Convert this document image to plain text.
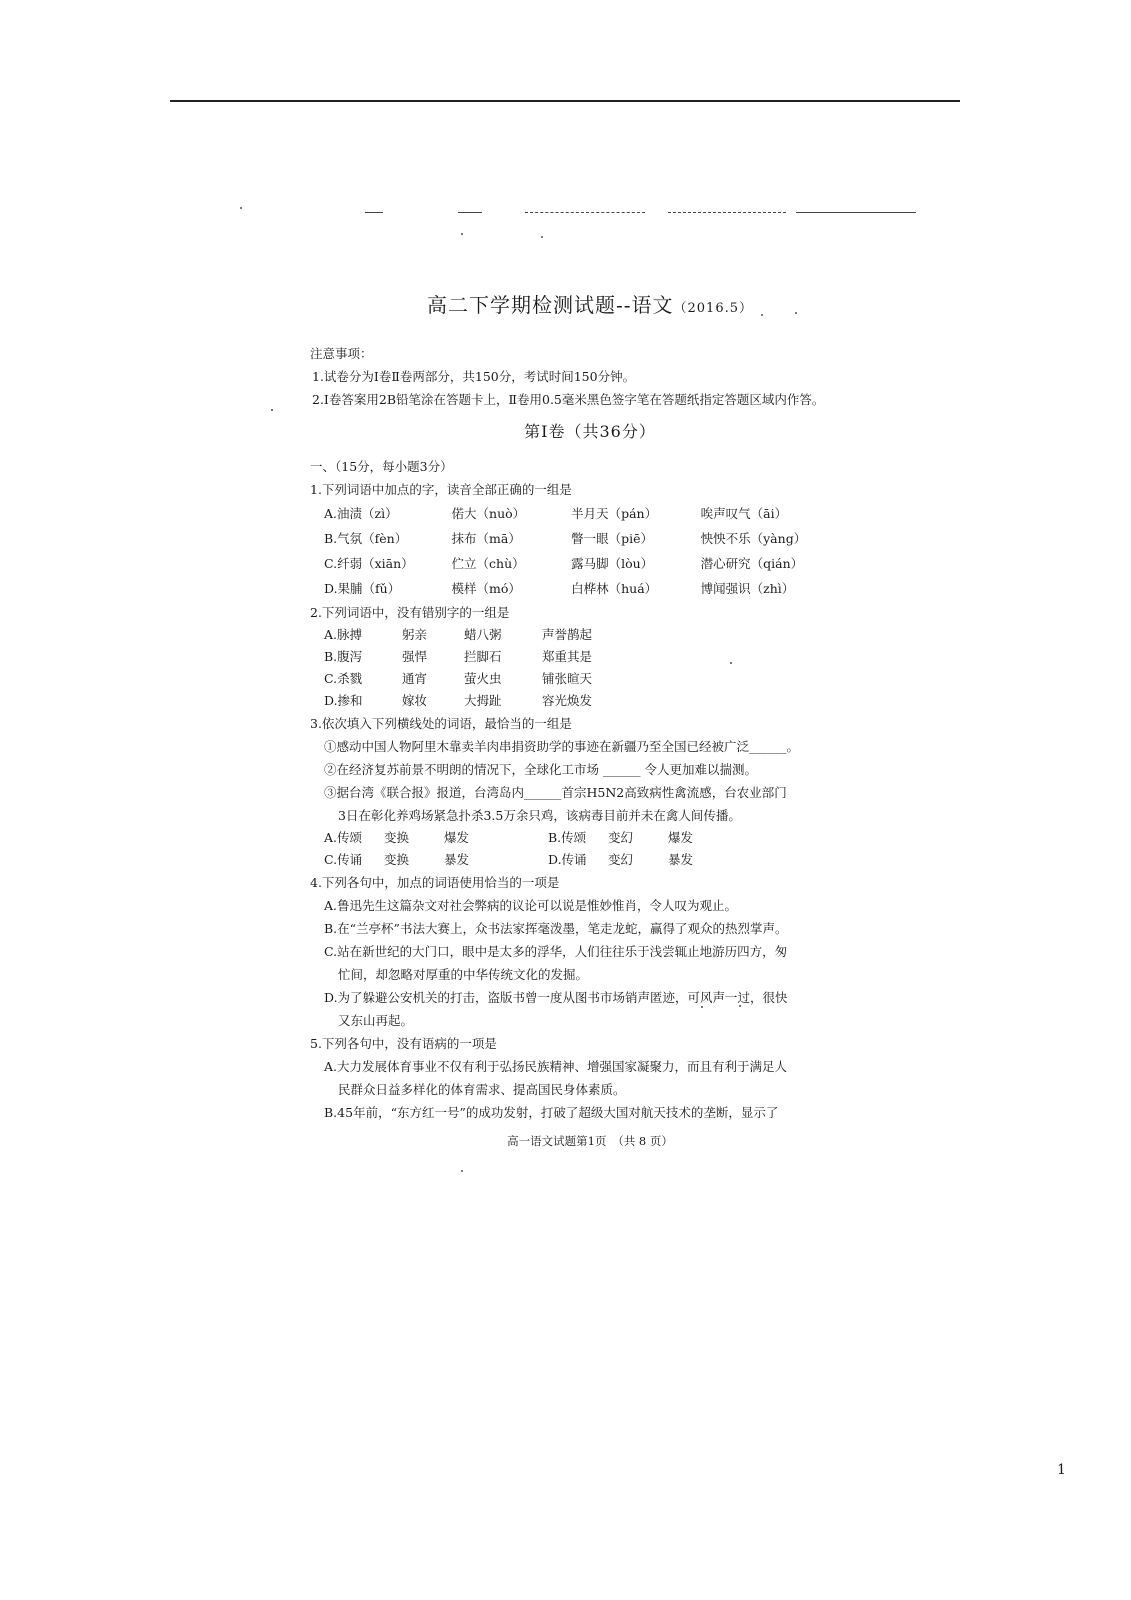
高二下学期检测试题--语文（2016.5）
注意事项：
1.试卷分为Ⅰ卷Ⅱ卷两部分，共150分，考试时间150分钟。
2.Ⅰ卷答案用2B铅笔涂在答题卡上，Ⅱ卷用0.5毫米黑色签字笔在答题纸指定答题区域内作答。
第Ⅰ卷（共36分）
一、（15分，每小题3分）
1.下列词语中加点的字，读音全部正确的一组是
A.油渍（zì）	偌大（nuò）	半月天（pán）	唉声叹气（āi）
B.气氛（fèn）	抹布（mā）	瞥一眼（piē）	怏怏不乐（yàng）
C.纤弱（xiān）	伫立（chù）	露马脚（lòu）	潜心研究（qián）
D.果脯（fǔ）	模样（mó）	白桦林（huá）	博闻强识（zhì）
2.下列词语中，没有错别字的一组是
A.脉搏	躬亲	蜡八粥	声誉鹊起
B.腹泻	强悍	拦脚石	郑重其是
C.杀戮	通宵	萤火虫	铺张暄天
D.掺和	嫁妆	大拇趾	容光焕发
3.依次填入下列横线处的词语，最恰当的一组是
①感动中国人物阿里木靠卖羊肉串捐资助学的事迹在新疆乃至全国已经被广泛______。
②在经济复苏前景不明朗的情况下，全球化工市场 ______ 令人更加难以揣测。
③据台湾《联合报》报道，台湾岛内______首宗H5N2高致病性禽流感，台农业部门
3日在彰化养鸡场紧急扑杀3.5万余只鸡，该病毒目前并未在禽人间传播。
A.传颂	变换	爆发	B.传颂	变幻	爆发
C.传诵	变换	暴发	D.传诵	变幻	暴发
4.下列各句中，加点的词语使用恰当的一项是
A.鲁迅先生这篇杂文对社会弊病的议论可以说是惟妙惟肖，令人叹为观止。
B.在“兰亭杯”书法大赛上，众书法家挥毫泼墨，笔走龙蛇，赢得了观众的热烈掌声。
C.站在新世纪的大门口，眼中是太多的浮华，人们往往乐于浅尝辄止地游历四方，匆
忙间，却忽略对厚重的中华传统文化的发掘。
D.为了躲避公安机关的打击，盗版书曾一度从图书市场销声匿迹，可风声一过，很快
又东山再起。
5.下列各句中，没有语病的一项是
A.大力发展体育事业不仅有利于弘扬民族精神、增强国家凝聚力，而且有利于满足人
民群众日益多样化的体育需求、提高国民身体素质。
B.45年前，“东方红一号”的成功发射，打破了超级大国对航天技术的垄断，显示了
高一语文试题第1页　（共 8 页）
1
